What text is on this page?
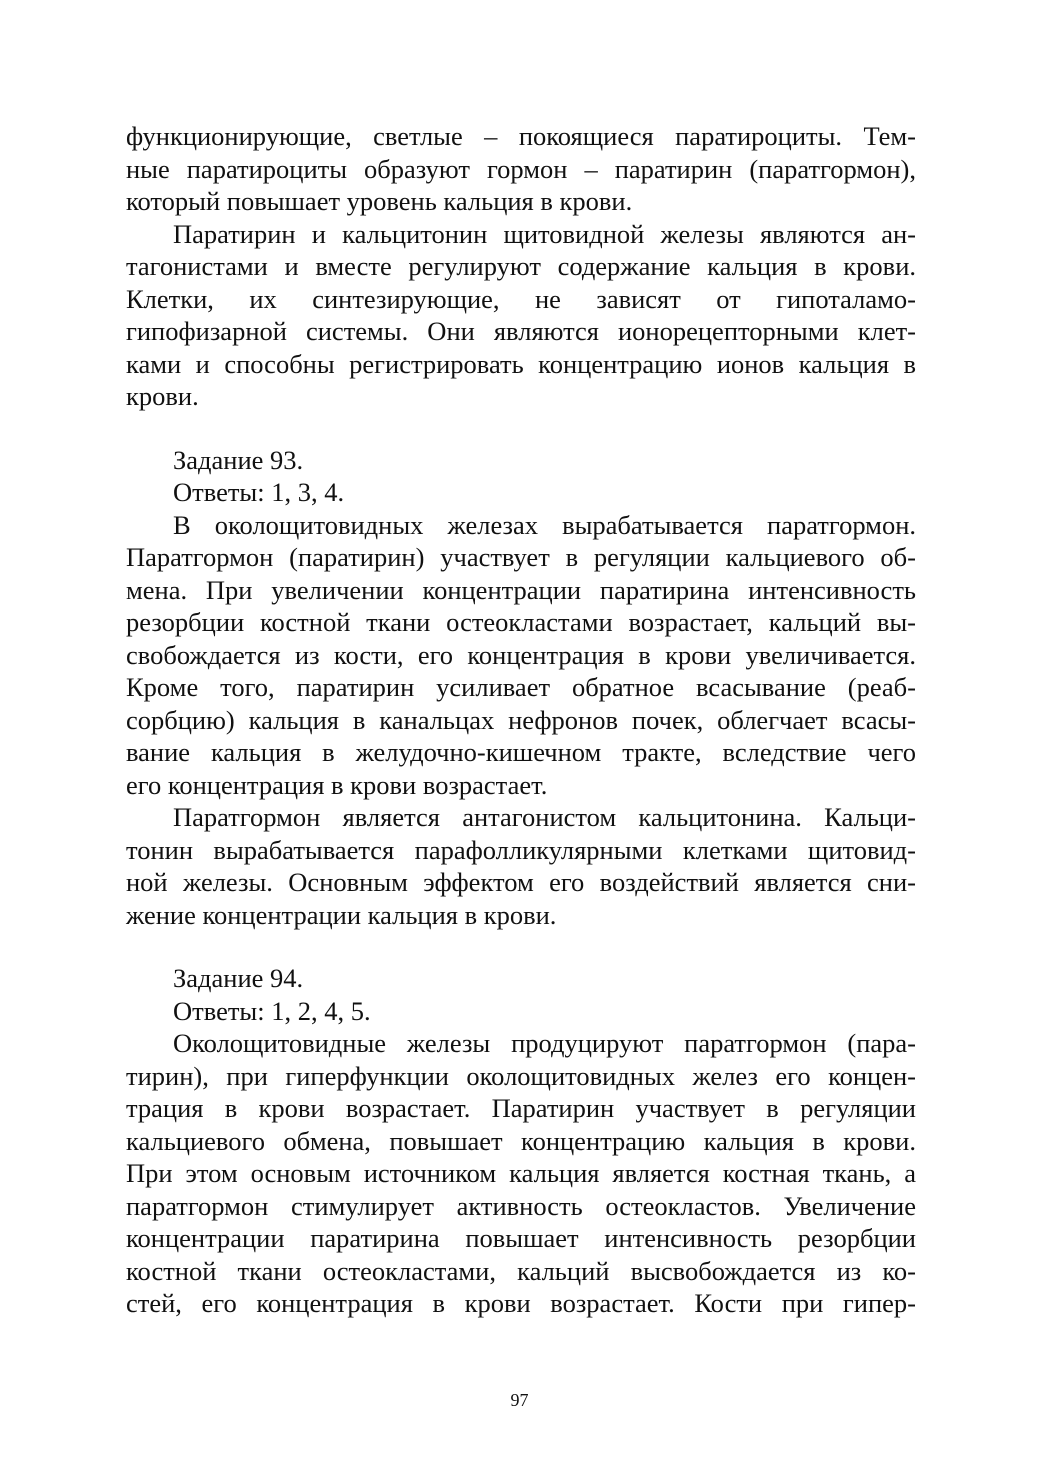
функционирующие, светлые – покоящиеся паратироциты. Тем-
ные паратироциты образуют гормон – паратирин (паратгормон),
который повышает уровень кальция в крови.
Паратирин и кальцитонин щитовидной железы являются ан-
тагонистами и вместе регулируют содержание кальция в крови.
Клетки, их синтезирующие, не зависят от гипоталамо-
гипофизарной системы. Они являются ионорецепторными клет-
ками и способны регистрировать концентрацию ионов кальция в
крови.
Задание 93.
Ответы: 1, 3, 4.
В околощитовидных железах вырабатывается паратгормон.
Паратгормон (паратирин) участвует в регуляции кальциевого об-
мена. При увеличении концентрации паратирина интенсивность
резорбции костной ткани остеокластами возрастает, кальций вы-
свобождается из кости, его концентрация в крови увеличивается.
Кроме того, паратирин усиливает обратное всасывание (реаб-
сорбцию) кальция в канальцах нефронов почек, облегчает всасы-
вание кальция в желудочно-кишечном тракте, вследствие чего
его концентрация в крови возрастает.
Паратгормон является антагонистом кальцитонина. Кальци-
тонин вырабатывается парафолликулярными клетками щитовид-
ной железы. Основным эффектом его воздействий является сни-
жение концентрации кальция в крови.
Задание 94.
Ответы: 1, 2, 4, 5.
Околощитовидные железы продуцируют паратгормон (пара-
тирин), при гиперфункции околощитовидных желез его концен-
трация в крови возрастает. Паратирин участвует в регуляции
кальциевого обмена, повышает концентрацию кальция в крови.
При этом основым источником кальция является костная ткань, а
паратгормон стимулирует активность остеокластов. Увеличение
концентрации паратирина повышает интенсивность резорбции
костной ткани остеокластами, кальций высвобождается из ко-
стей, его концентрация в крови возрастает. Кости при гипер-
97
